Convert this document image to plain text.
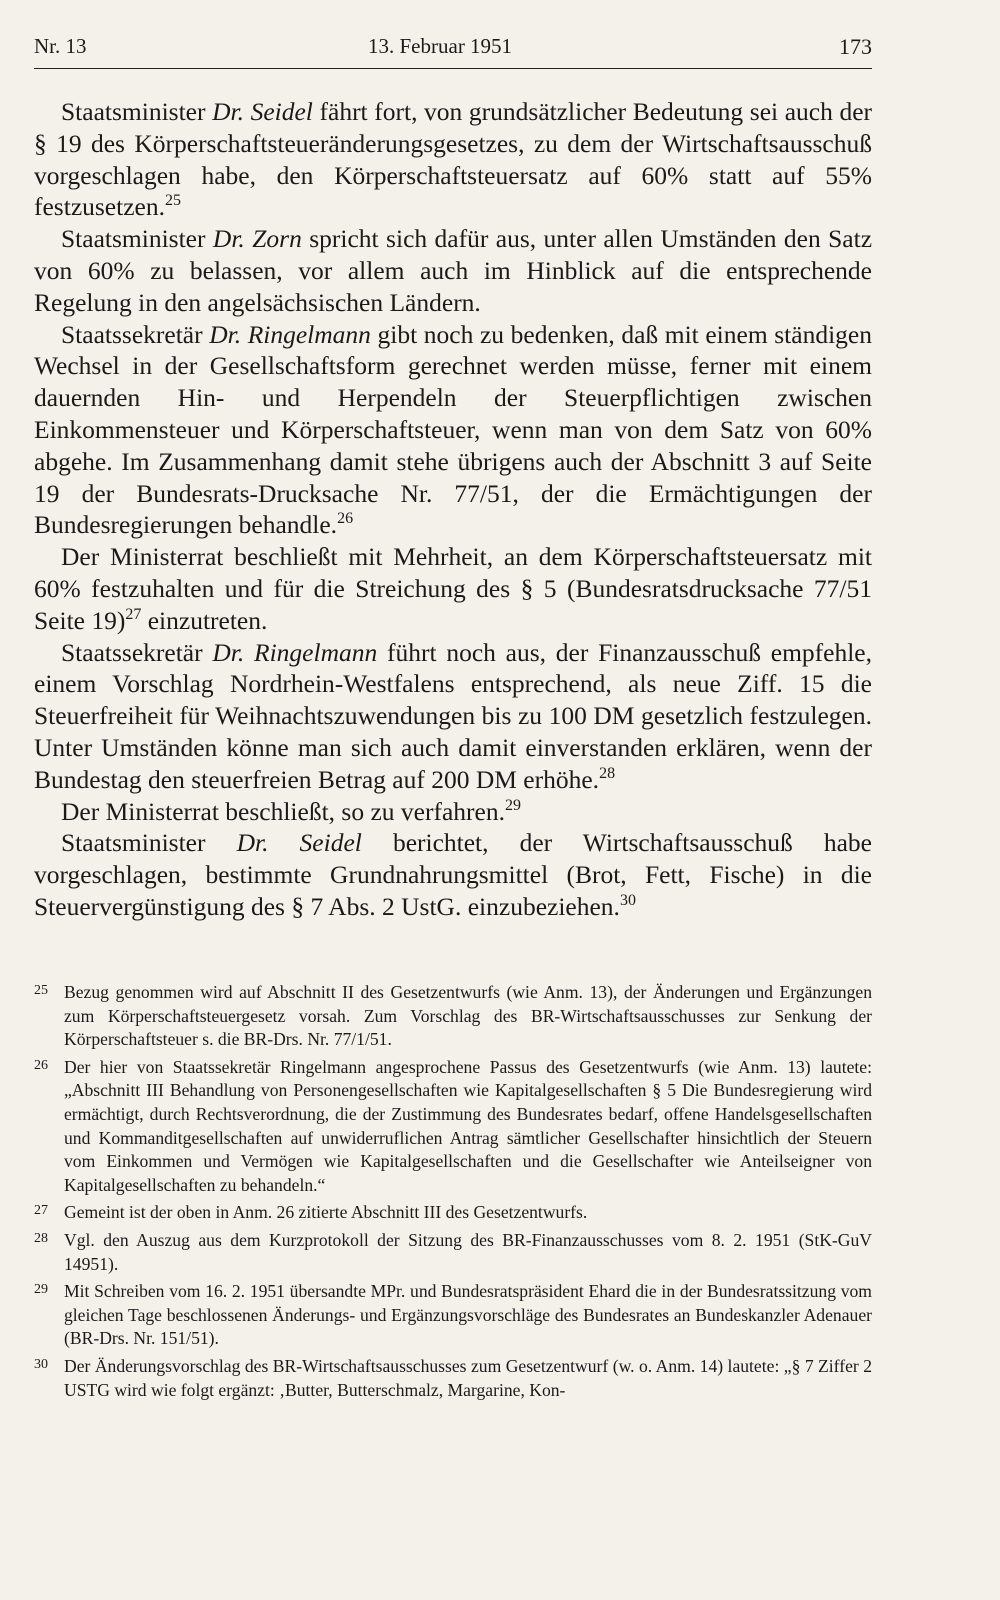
Nr. 13	13. Februar 1951	173

Staatsminister Dr. Seidel fährt fort, von grundsätzlicher Bedeutung sei auch der § 19 des Körperschaftsteueränderungsgesetzes, zu dem der Wirtschaftsausschuß vorgeschlagen habe, den Körperschaftsteuersatz auf 60% statt auf 55% festzusetzen.$^{25}$

Staatsminister Dr. Zorn spricht sich dafür aus, unter allen Umständen den Satz von 60% zu belassen, vor allem auch im Hinblick auf die entsprechende Regelung in den angelsächsischen Ländern.

Staatssekretär Dr. Ringelmann gibt noch zu bedenken, daß mit einem ständigen Wechsel in der Gesellschaftsform gerechnet werden müsse, ferner mit einem dauernden Hin- und Herpendeln der Steuerpflichtigen zwischen Einkommensteuer und Körperschaftsteuer, wenn man von dem Satz von 60% abgehe. Im Zusammenhang damit stehe übrigens auch der Abschnitt 3 auf Seite 19 der Bundesrats-Drucksache Nr. 77/51, der die Ermächtigungen der Bundesregierungen behandle.$^{26}$

Der Ministerrat beschließt mit Mehrheit, an dem Körperschaftsteuersatz mit 60% festzuhalten und für die Streichung des § 5 (Bundesratsdrucksache 77/51 Seite 19)$^{27}$ einzutreten.

Staatssekretär Dr. Ringelmann führt noch aus, der Finanzausschuß empfehle, einem Vorschlag Nordrhein-Westfalens entsprechend, als neue Ziff. 15 die Steuerfreiheit für Weihnachtszuwendungen bis zu 100 DM gesetzlich festzulegen. Unter Umständen könne man sich auch damit einverstanden erklären, wenn der Bundestag den steuerfreien Betrag auf 200 DM erhöhe.$^{28}$

Der Ministerrat beschließt, so zu verfahren.$^{29}$

Staatsminister Dr. Seidel berichtet, der Wirtschaftsausschuß habe vorgeschlagen, bestimmte Grundnahrungsmittel (Brot, Fett, Fische) in die Steuervergünstigung des § 7 Abs. 2 UstG. einzubeziehen.$^{30}$

25 Bezug genommen wird auf Abschnitt II des Gesetzentwurfs (wie Anm. 13), der Änderungen und Ergänzungen zum Körperschaftsteuergesetz vorsah. Zum Vorschlag des BR-Wirtschaftsausschusses zur Senkung der Körperschaftsteuer s. die BR-Drs. Nr. 77/1/51.
26 Der hier von Staatssekretär Ringelmann angesprochene Passus des Gesetzentwurfs (wie Anm. 13) lautete: „Abschnitt III Behandlung von Personengesellschaften wie Kapitalgesellschaften § 5 Die Bundesregierung wird ermächtigt, durch Rechtsverordnung, die der Zustimmung des Bundesrates bedarf, offene Handelsgesellschaften und Kommanditgesellschaften auf unwiderruflichen Antrag sämtlicher Gesellschafter hinsichtlich der Steuern vom Einkommen und Vermögen wie Kapitalgesellschaften und die Gesellschafter wie Anteilseigner von Kapitalgesellschaften zu behandeln.“
27 Gemeint ist der oben in Anm. 26 zitierte Abschnitt III des Gesetzentwurfs.
28 Vgl. den Auszug aus dem Kurzprotokoll der Sitzung des BR-Finanzausschusses vom 8. 2. 1951 (StK-GuV 14951).
29 Mit Schreiben vom 16. 2. 1951 übersandte MPr. und Bundesratspräsident Ehard die in der Bundesratssitzung vom gleichen Tage beschlossenen Änderungs- und Ergänzungsvorschläge des Bundesrates an Bundeskanzler Adenauer (BR-Drs. Nr. 151/51).
30 Der Änderungsvorschlag des BR-Wirtschaftsausschusses zum Gesetzentwurf (w. o. Anm. 14) lautete: „§ 7 Ziffer 2 USTG wird wie folgt ergänzt: ‚Butter, Butterschmalz, Margarine, Kon-
